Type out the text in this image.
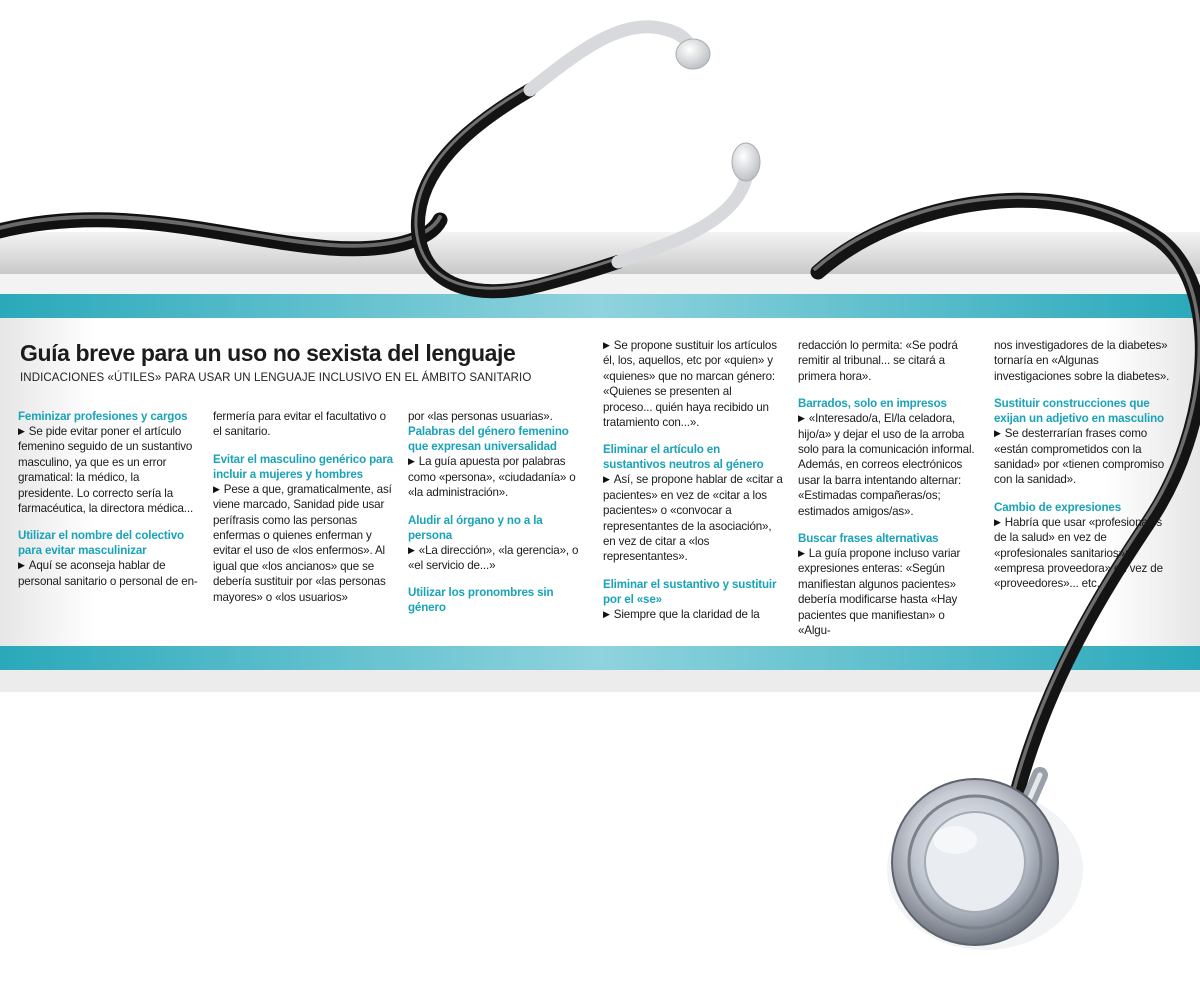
Guía breve para un uso no sexista del lenguaje
INDICACIONES «ÚTILES» PARA USAR UN LENGUAJE INCLUSIVO EN EL ÁMBITO SANITARIO
Feminizar profesiones y cargos

▶ Se pide evitar poner el artículo femenino seguido de un sustantivo masculino, ya que es un error gramatical: la médico, la presidente. Lo correcto sería la farmacéutica, la directora médica...

Utilizar el nombre del colectivo para evitar masculinizar

▶ Aquí se aconseja hablar de personal sanitario o personal de en-

fermería para evitar el facultativo o el sanitario.

Evitar el masculino genérico para incluir a mujeres y hombres

▶ Pese a que, gramaticalmente, así viene marcado, Sanidad pide usar perífrasis como las personas enfermas o quienes enferman y evitar el uso de «los enfermos». Al igual que «los ancianos» que se debería sustituir por «las personas mayores» o «los usuarios»

por «las personas usuarias».

Palabras del género femenino que expresan universalidad

▶ La guía apuesta por palabras como «persona», «ciudadanía» o «la administración».

Aludir al órgano y no a la persona

▶ «La dirección», «la gerencia», o «el servicio de...»

Utilizar los pronombres sin género

▶ Se propone sustituir los artículos él, los, aquellos, etc por «quien» y «quienes» que no marcan género: «Quienes se presenten al proceso... quién haya recibido un tratamiento con...».

Eliminar el artículo en sustantivos neutros al género

▶ Así, se propone hablar de «citar a pacientes» en vez de «citar a los pacientes» o «convocar a representantes de la asociación», en vez de citar a «los representantes».

Eliminar el sustantivo y sustituir por el «se»

▶ Siempre que la claridad de la

redacción lo permita: «Se podrá remitir al tribunal... se citará a primera hora».

Barrados, solo en impresos

▶ «Interesado/a, El/la celadora, hijo/a» y dejar el uso de la arroba solo para la comunicación informal. Además, en correos electrónicos usar la barra intentando alternar: «Estimadas compañeras/os; estimados amigos/as».

Buscar frases alternativas

▶ La guía propone incluso variar expresiones enteras: «Según manifiestan algunos pacientes» debería modificarse hasta «Hay pacientes que manifiestan» o «Algu-

nos investigadores de la diabetes» tornaría en «Algunas investigaciones sobre la diabetes».

Sustituir construcciones que exijan un adjetivo en masculino

▶ Se desterrarían frases como «están comprometidos con la sanidad» por «tienen compromiso con la sanidad».

Cambio de expresiones

▶ Habría que usar «profesionales de la salud» en vez de «profesionales sanitarios»; «empresa proveedora» en vez de «proveedores»... etc.
